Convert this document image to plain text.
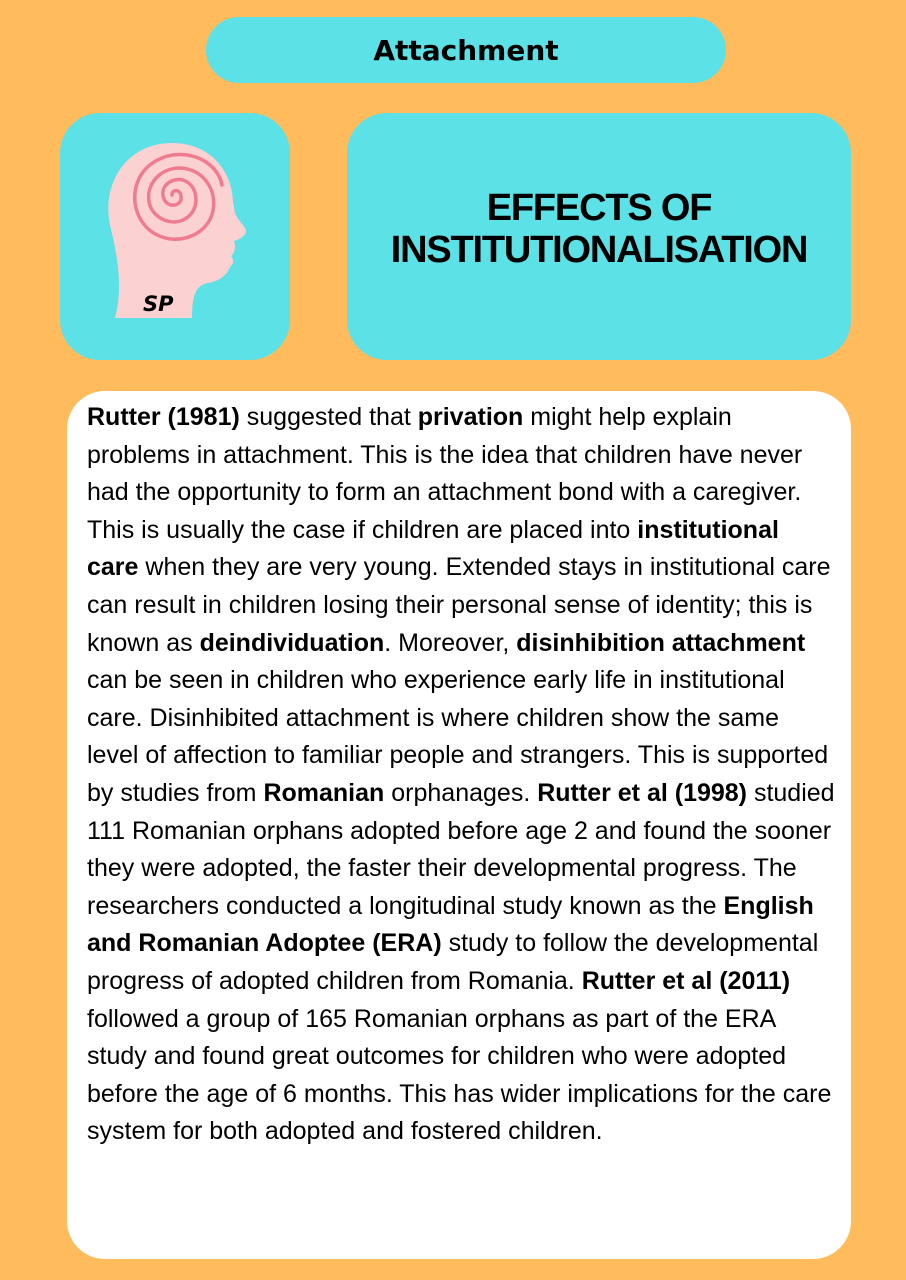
Attachment
SP
EFFECTS OF
INSTITUTIONALISATION
Rutter (1981) suggested that privation might help explain problems in attachment. This is the idea that children have never had the opportunity to form an attachment bond with a caregiver. This is usually the case if children are placed into institutional care when they are very young. Extended stays in institutional care can result in children losing their personal sense of identity; this is known as deindividuation. Moreover, disinhibition attachment can be seen in children who experience early life in institutional care. Disinhibited attachment is where children show the same level of affection to familiar people and strangers. This is supported by studies from Romanian orphanages. Rutter et al (1998) studied 111 Romanian orphans adopted before age 2 and found the sooner they were adopted, the faster their developmental progress. The researchers conducted a longitudinal study known as the English and Romanian Adoptee (ERA) study to follow the developmental progress of adopted children from Romania. Rutter et al (2011) followed a group of 165 Romanian orphans as part of the ERA study and found great outcomes for children who were adopted before the age of 6 months. This has wider implications for the care system for both adopted and fostered children.
